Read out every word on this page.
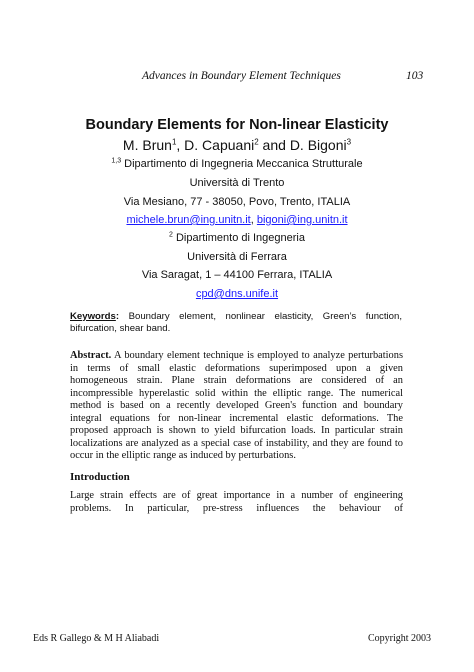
Advances in Boundary Element Techniques	103
Boundary Elements for Non-linear Elasticity
M. Brun$^1$, D. Capuani$^2$ and D. Bigoni$^3$
$^{1,3}$ Dipartimento di Ingegneria Meccanica Strutturale
Università di Trento
Via Mesiano, 77 - 38050, Povo, Trento, ITALIA
michele.brun@ing.unitn.it, bigoni@ing.unitn.it
$^2$ Dipartimento di Ingegneria
Università di Ferrara
Via Saragat, 1 – 44100 Ferrara, ITALIA
cpd@dns.unife.it
Keywords: Boundary element, nonlinear elasticity, Green’s function, bifurcation, shear band.
Abstract. A boundary element technique is employed to analyze perturbations in terms of small elastic deformations superimposed upon a given homogeneous strain. Plane strain deformations are considered of an incompressible hyperelastic solid within the elliptic range. The numerical method is based on a recently developed Green's function and boundary integral equations for non-linear incremental elastic deformations. The proposed approach is shown to yield bifurcation loads. In particular strain localizations are analyzed as a special case of instability, and they are found to occur in the elliptic range as induced by perturbations.
Introduction
Large strain effects are of great importance in a number of engineering problems. In particular, pre-stress influences the behaviour of
Eds R Gallego & M H Aliabadi	Copyright 2003
